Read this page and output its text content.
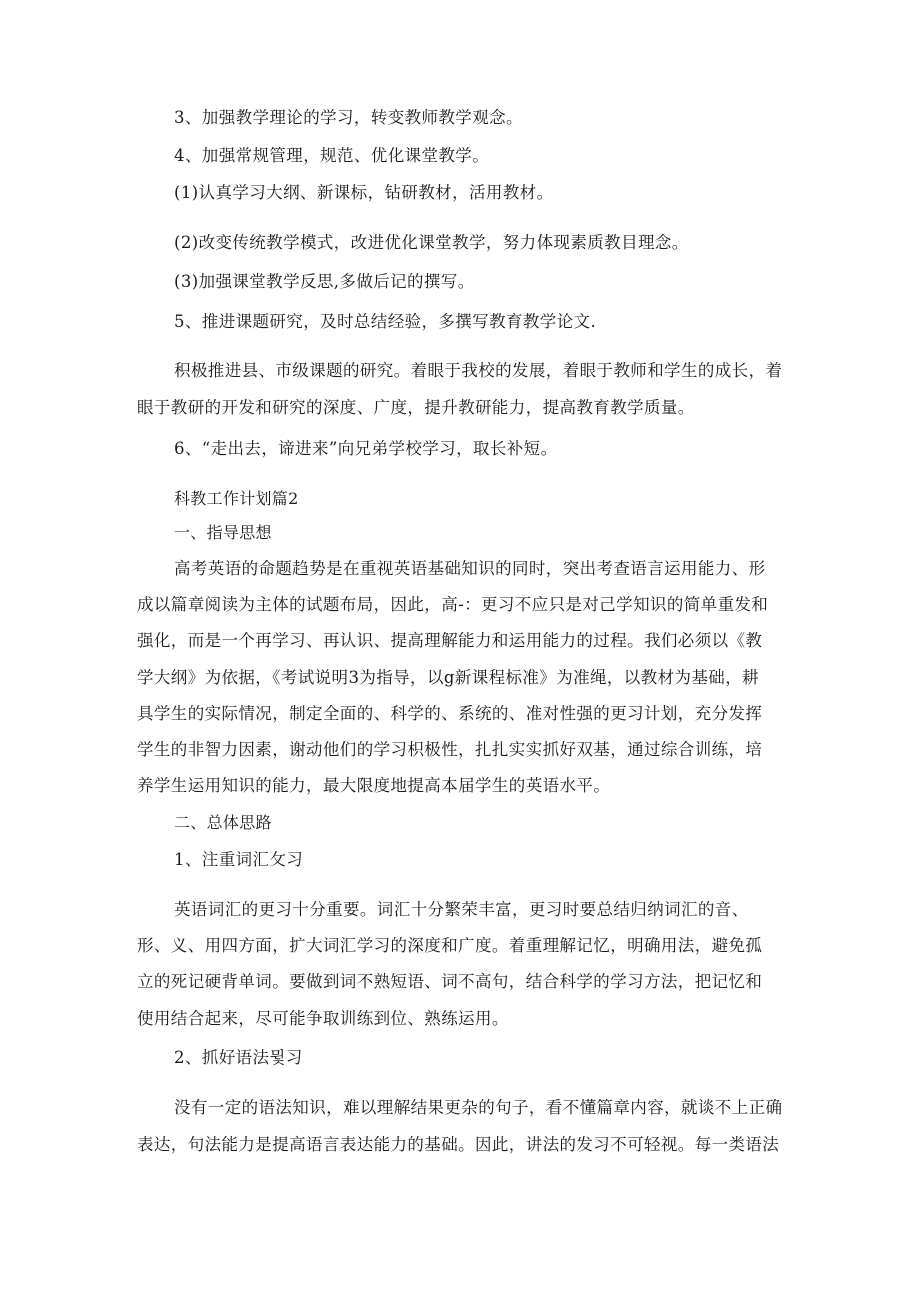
3、加强教学理论的学习，转变教师教学观念。

4、加强常规管理，规范、优化课堂教学。

(1)认真学习大纲、新课标，钻研教材，活用教材。

(2)改变传统教学模式，改进优化课堂教学，努力体现素质教目理念。

(3)加强课堂教学反思,多做后记的撰写。

5、推进课题研究，及时总结经验，多撰写教育教学论文.

积极推进县、市级课题的研究。着眼于我校的发展，着眼于教师和学生的成长，着

眼于教研的开发和研究的深度、广度，提升教研能力，提高教育教学质量。

6、“走出去，谛进来”向兄弟学校学习，取长补短。

科教工作计划篇2

一、指导思想

高考英语的命题趋势是在重视英语基础知识的同时，突出考查语言运用能力、形

成以篇章阅读为主体的试题布局，因此，高-：更习不应只是对己学知识的简单重发和

强化，而是一个再学习、再认识、提高理解能力和运用能力的过程。我们必须以《教

学大纲》为依据，《考试说明3为指导，以g新课程标准》为准绳，以教材为基础，耕

具学生的实际情况，制定全面的、科学的、系统的、准对性强的更习计划，充分发挥

学生的非智力因素，谢动他们的学习枳极性，扎扎实实抓好双基，通过综合训练，培

养学生运用知识的能力，最大限度地提高本届学生的英语水平。

二、总体思路

1、注重词汇攵习

英语词汇的更习十分重要。词汇十分繁荣丰富，更习时要总结归纳词汇的音、

形、义、用四方面，扩大词汇学习的深度和广度。着重理解记忆，明确用法，避免孤

立的死记硬背单词。要做到词不熟短语、词不高句，结合科学的学习方法，把记忆和

使用结合起来，尽可能争取训练到位、熟练运用。

2、抓好语法뮟习

没有一定的语法知识，难以理解结果更杂的句子，看不懂篇章内容，就谈不上正确

表达，句法能力是提高语言表达能力的基础。因此，讲法的发习不可轻视。每一类语法
